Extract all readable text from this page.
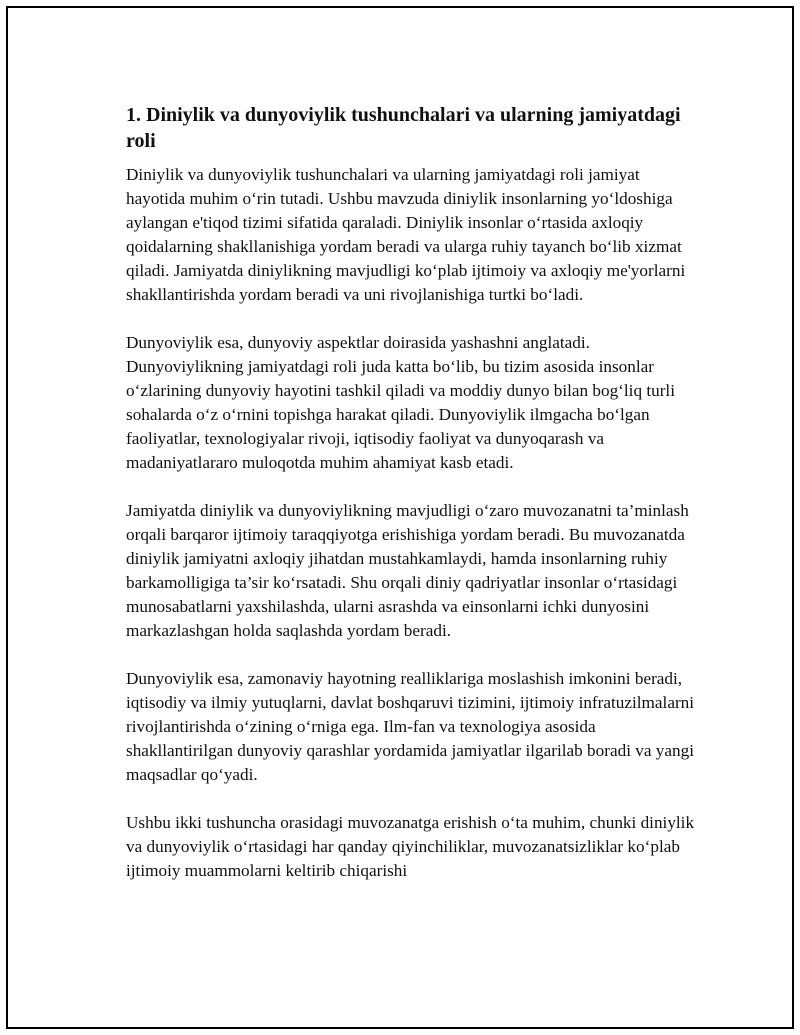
1. Diniylik va dunyoviylik tushunchalari va ularning jamiyatdagi roli

Diniylik va dunyoviylik tushunchalari va ularning jamiyatdagi roli jamiyat hayotida muhim o‘rin tutadi. Ushbu mavzuda diniylik insonlarning yo‘ldoshiga aylangan e'tiqod tizimi sifatida qaraladi. Diniylik insonlar o‘rtasida axloqiy qoidalarning shakllanishiga yordam beradi va ularga ruhiy tayanch bo‘lib xizmat qiladi. Jamiyatda diniylikning mavjudligi ko‘plab ijtimoiy va axloqiy me'yorlarni shakllantirishda yordam beradi va uni rivojlanishiga turtki bo‘ladi.

Dunyoviylik esa, dunyoviy aspektlar doirasida yashashni anglatadi. Dunyoviylikning jamiyatdagi roli juda katta bo‘lib, bu tizim asosida insonlar o‘zlarining dunyoviy hayotini tashkil qiladi va moddiy dunyo bilan bog‘liq turli sohalarda o‘z o‘rnini topishga harakat qiladi. Dunyoviylik ilmgacha bo‘lgan faoliyatlar, texnologiyalar rivoji, iqtisodiy faoliyat va dunyoqarash va madaniyatlararo muloqotda muhim ahamiyat kasb etadi.

Jamiyatda diniylik va dunyoviylikning mavjudligi o‘zaro muvozanatni ta’minlash orqali barqaror ijtimoiy taraqqiyotga erishishiga yordam beradi. Bu muvozanatda diniylik jamiyatni axloqiy jihatdan mustahkamlaydi, hamda insonlarning ruhiy barkamolligiga ta’sir ko‘rsatadi. Shu orqali diniy qadriyatlar insonlar o‘rtasidagi munosabatlarni yaxshilashda, ularni asrashda va einsonlarni ichki dunyosini markazlashgan holda saqlashda yordam beradi.

Dunyoviylik esa, zamonaviy hayotning realliklariga moslashish imkonini beradi, iqtisodiy va ilmiy yutuqlarni, davlat boshqaruvi tizimini, ijtimoiy infratuzilmalarni rivojlantirishda o‘zining o‘rniga ega. Ilm-fan va texnologiya asosida shakllantirilgan dunyoviy qarashlar yordamida jamiyatlar ilgarilab boradi va yangi maqsadlar qo‘yadi.

Ushbu ikki tushuncha orasidagi muvozanatga erishish o‘ta muhim, chunki diniylik va dunyoviylik o‘rtasidagi har qanday qiyinchiliklar, muvozanatsizliklar ko‘plab ijtimoiy muammolarni keltirib chiqarishi
